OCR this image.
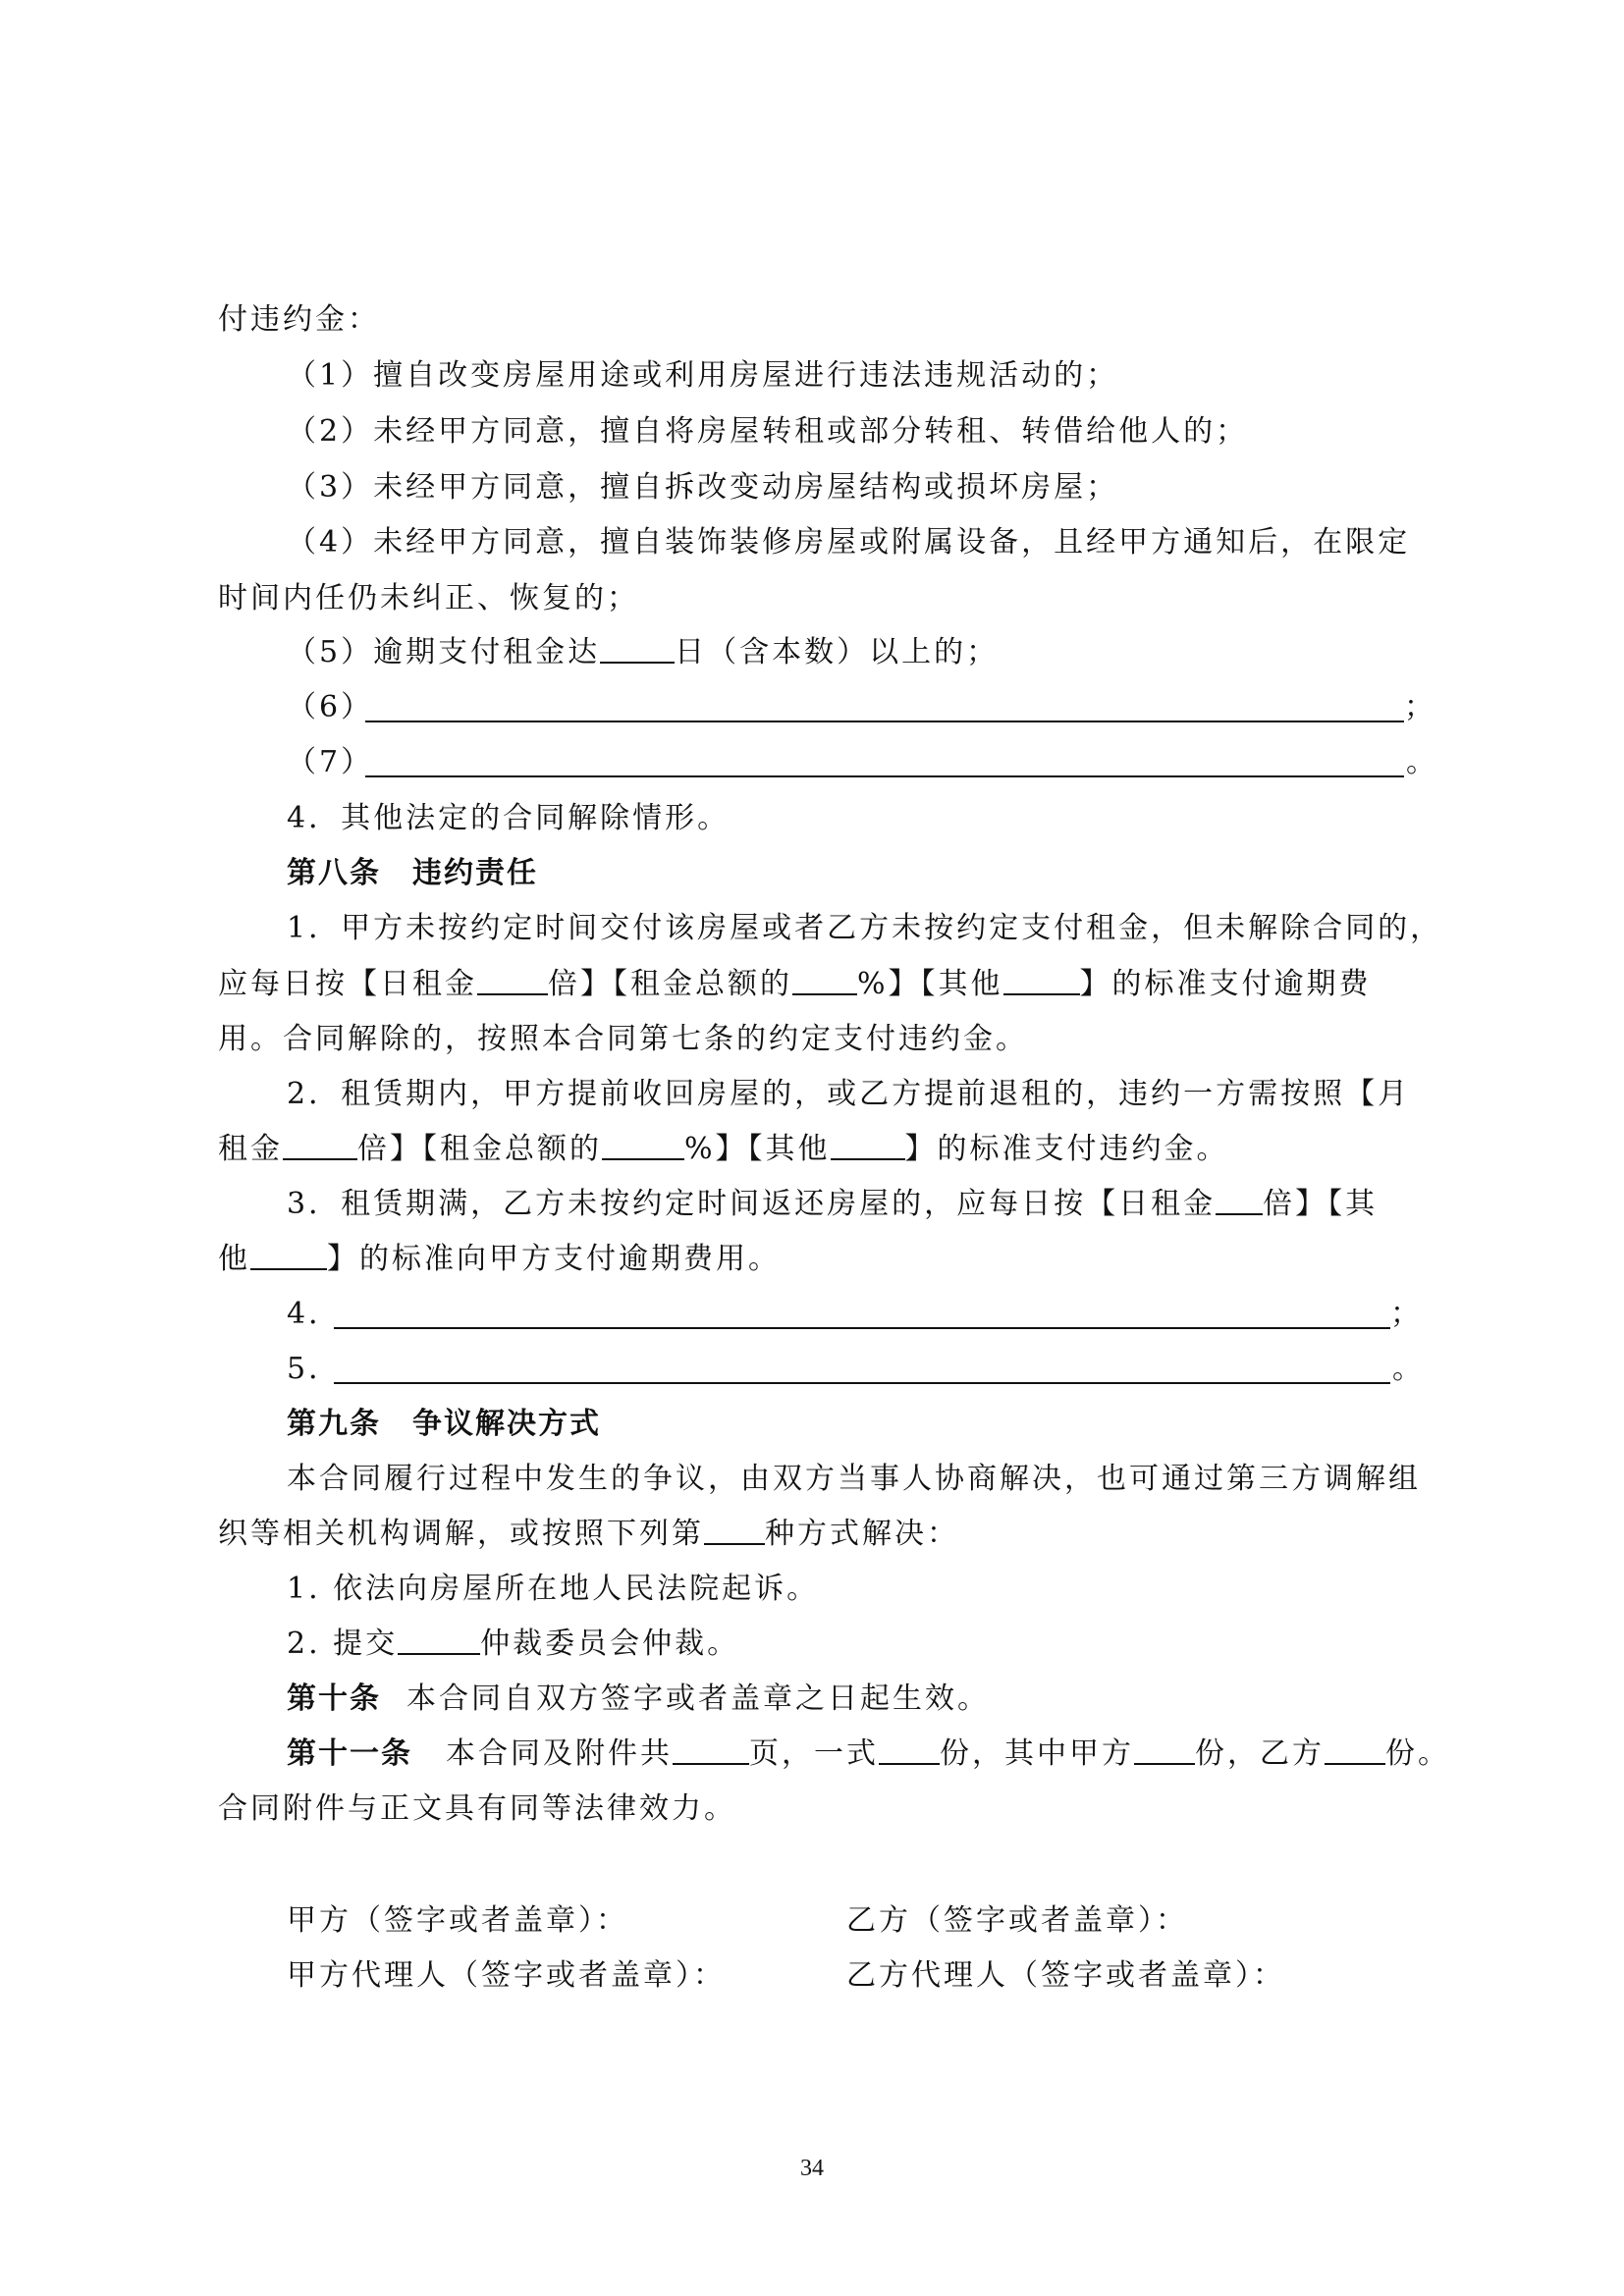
付违约金：
（1）擅自改变房屋用途或利用房屋进行违法违规活动的；
（2）未经甲方同意，擅自将房屋转租或部分转租、转借给他人的；
（3）未经甲方同意，擅自拆改变动房屋结构或损坏房屋；
（4）未经甲方同意，擅自装饰装修房屋或附属设备，且经甲方通知后，在限定
时间内任仍未纠正、恢复的；
（5）逾期支付租金达	日（含本数）以上的；
（6）	；
（7）	。
4．其他法定的合同解除情形。
第八条 违约责任
1．甲方未按约定时间交付该房屋或者乙方未按约定支付租金，但未解除合同的，
应每日按【日租金 倍】【租金总额的 %】【其他	】的标准支付逾期费
用。合同解除的，按照本合同第七条的约定支付违约金。
2．租赁期内，甲方提前收回房屋的，或乙方提前退租的，违约一方需按照【月
租金	倍】【租金总额的	%】【其他	】的标准支付违约金。
3．租赁期满，乙方未按约定时间返还房屋的，应每日按【日租金 倍】【其
他	】的标准向甲方支付逾期费用。
4．	；
5．	。
第九条 争议解决方式
本合同履行过程中发生的争议，由双方当事人协商解决，也可通过第三方调解组
织等相关机构调解，或按照下列第 种方式解决：
1. 依法向房屋所在地人民法院起诉。
2. 提交	仲裁委员会仲裁。
第十条 本合同自双方签字或者盖章之日起生效。
第十一条 本合同及附件共	页，一式 份，其中甲方 份，乙方 份。
合同附件与正文具有同等法律效力。
甲方（签字或者盖章）：	乙方（签字或者盖章）：
甲方代理人（签字或者盖章）：	乙方代理人（签字或者盖章）：
34
